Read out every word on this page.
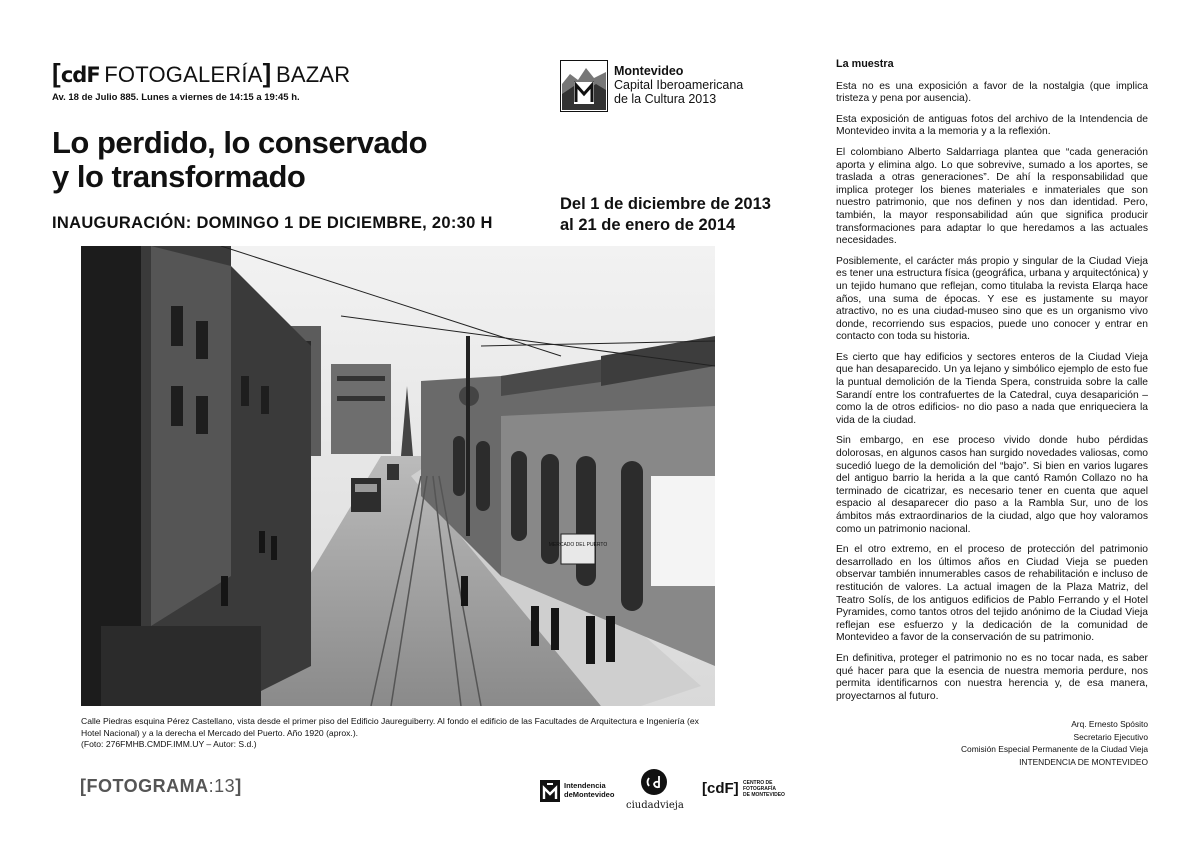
[cdF  FOTOGALERÍA]  BAZAR
Av. 18 de Julio 885. Lunes a viernes de 14:15 a 19:45 h.
Lo perdido, lo conservado
y lo transformado
INAUGURACIÓN: DOMINGO 1 DE DICIEMBRE, 20:30 H
Montevideo
Capital Iberoamericana
de la Cultura 2013
Del 1 de diciembre de 2013
al 21 de enero de 2014
MERCADO DEL PUERTO
Calle Piedras esquina Pérez Castellano, vista desde el primer piso del Edificio Jaureguiberry. Al fondo el edificio de las Facultades de Arquitectura e Ingeniería (ex Hotel Nacional) y a la derecha el Mercado del Puerto. Año 1920 (aprox.).
(Foto: 276FMHB.CMDF.IMM.UY – Autor: S.d.)
[FOTOGRAMA:13]	Intendencia
deMontevideo
ciudadvieja
[cdF] CENTRO DE
FOTOGRAFÍA
DE MONTEVIDEO
La muestra

Esta no es una exposición a favor de la nostalgia (que implica tristeza y pena por ausencia).

Esta exposición de antiguas fotos del archivo de la Intendencia de Montevideo invita a la memoria y a la reflexión.

El colombiano Alberto Saldarriaga plantea que “cada generación aporta y elimina algo. Lo que sobrevive, sumado a los aportes, se traslada a otras generaciones”. De ahí la responsabilidad que implica proteger los bienes materiales e inmateriales que son nuestro patrimonio, que nos definen y nos dan identidad. Pero, también, la mayor responsabilidad aún que significa producir transformaciones para adaptar lo que heredamos a las actuales necesidades.

Posiblemente, el carácter más propio y singular de la Ciudad Vieja es tener una estructura física (geográfica, urbana y arquitectónica) y un tejido humano que reflejan, como titulaba la revista Elarqa hace años, una suma de épocas. Y ese es justamente su mayor atractivo, no es una ciudad-museo sino que es un organismo vivo donde, recorriendo sus espacios, puede uno conocer y entrar en contacto con toda su historia.

Es cierto que hay edificios y sectores enteros de la Ciudad Vieja que han desaparecido. Un ya lejano y simbólico ejemplo de esto fue la puntual demolición de la Tienda Spera, construida sobre la calle Sarandí entre los contrafuertes de la Catedral, cuya desaparición –como la de otros edificios- no dio paso a nada que enriqueciera la vida de la ciudad.

Sin embargo, en ese proceso vivido donde hubo pérdidas dolorosas, en algunos casos han surgido novedades valiosas, como sucedió luego de la demolición del “bajo”. Si bien en varios lugares del antiguo barrio la herida a la que cantó Ramón Collazo no ha terminado de cicatrizar, es necesario tener en cuenta que aquel espacio al desaparecer dio paso a la Rambla Sur, uno de los ámbitos más extraordinarios de la ciudad, algo que hoy valoramos como un patrimonio nacional.

En el otro extremo, en el proceso de protección del patrimonio desarrollado en los últimos años en Ciudad Vieja se pueden observar también innumerables casos de rehabilitación e incluso de restitución de valores. La actual imagen de la Plaza Matriz, del Teatro Solís, de los antiguos edificios de Pablo Ferrando y el Hotel Pyramides, como tantos otros del tejido anónimo de la Ciudad Vieja reflejan ese esfuerzo y la dedicación de la comunidad de Montevideo a favor de la conservación de su patrimonio.

En definitiva, proteger el patrimonio no es no tocar nada, es saber qué hacer para que la esencia de nuestra memoria perdure, nos permita identificarnos con nuestra herencia y, de esa manera, proyectarnos al futuro.

Arq. Ernesto Spósito
Secretario Ejecutivo
Comisión Especial Permanente de la Ciudad Vieja
INTENDENCIA DE MONTEVIDEO
